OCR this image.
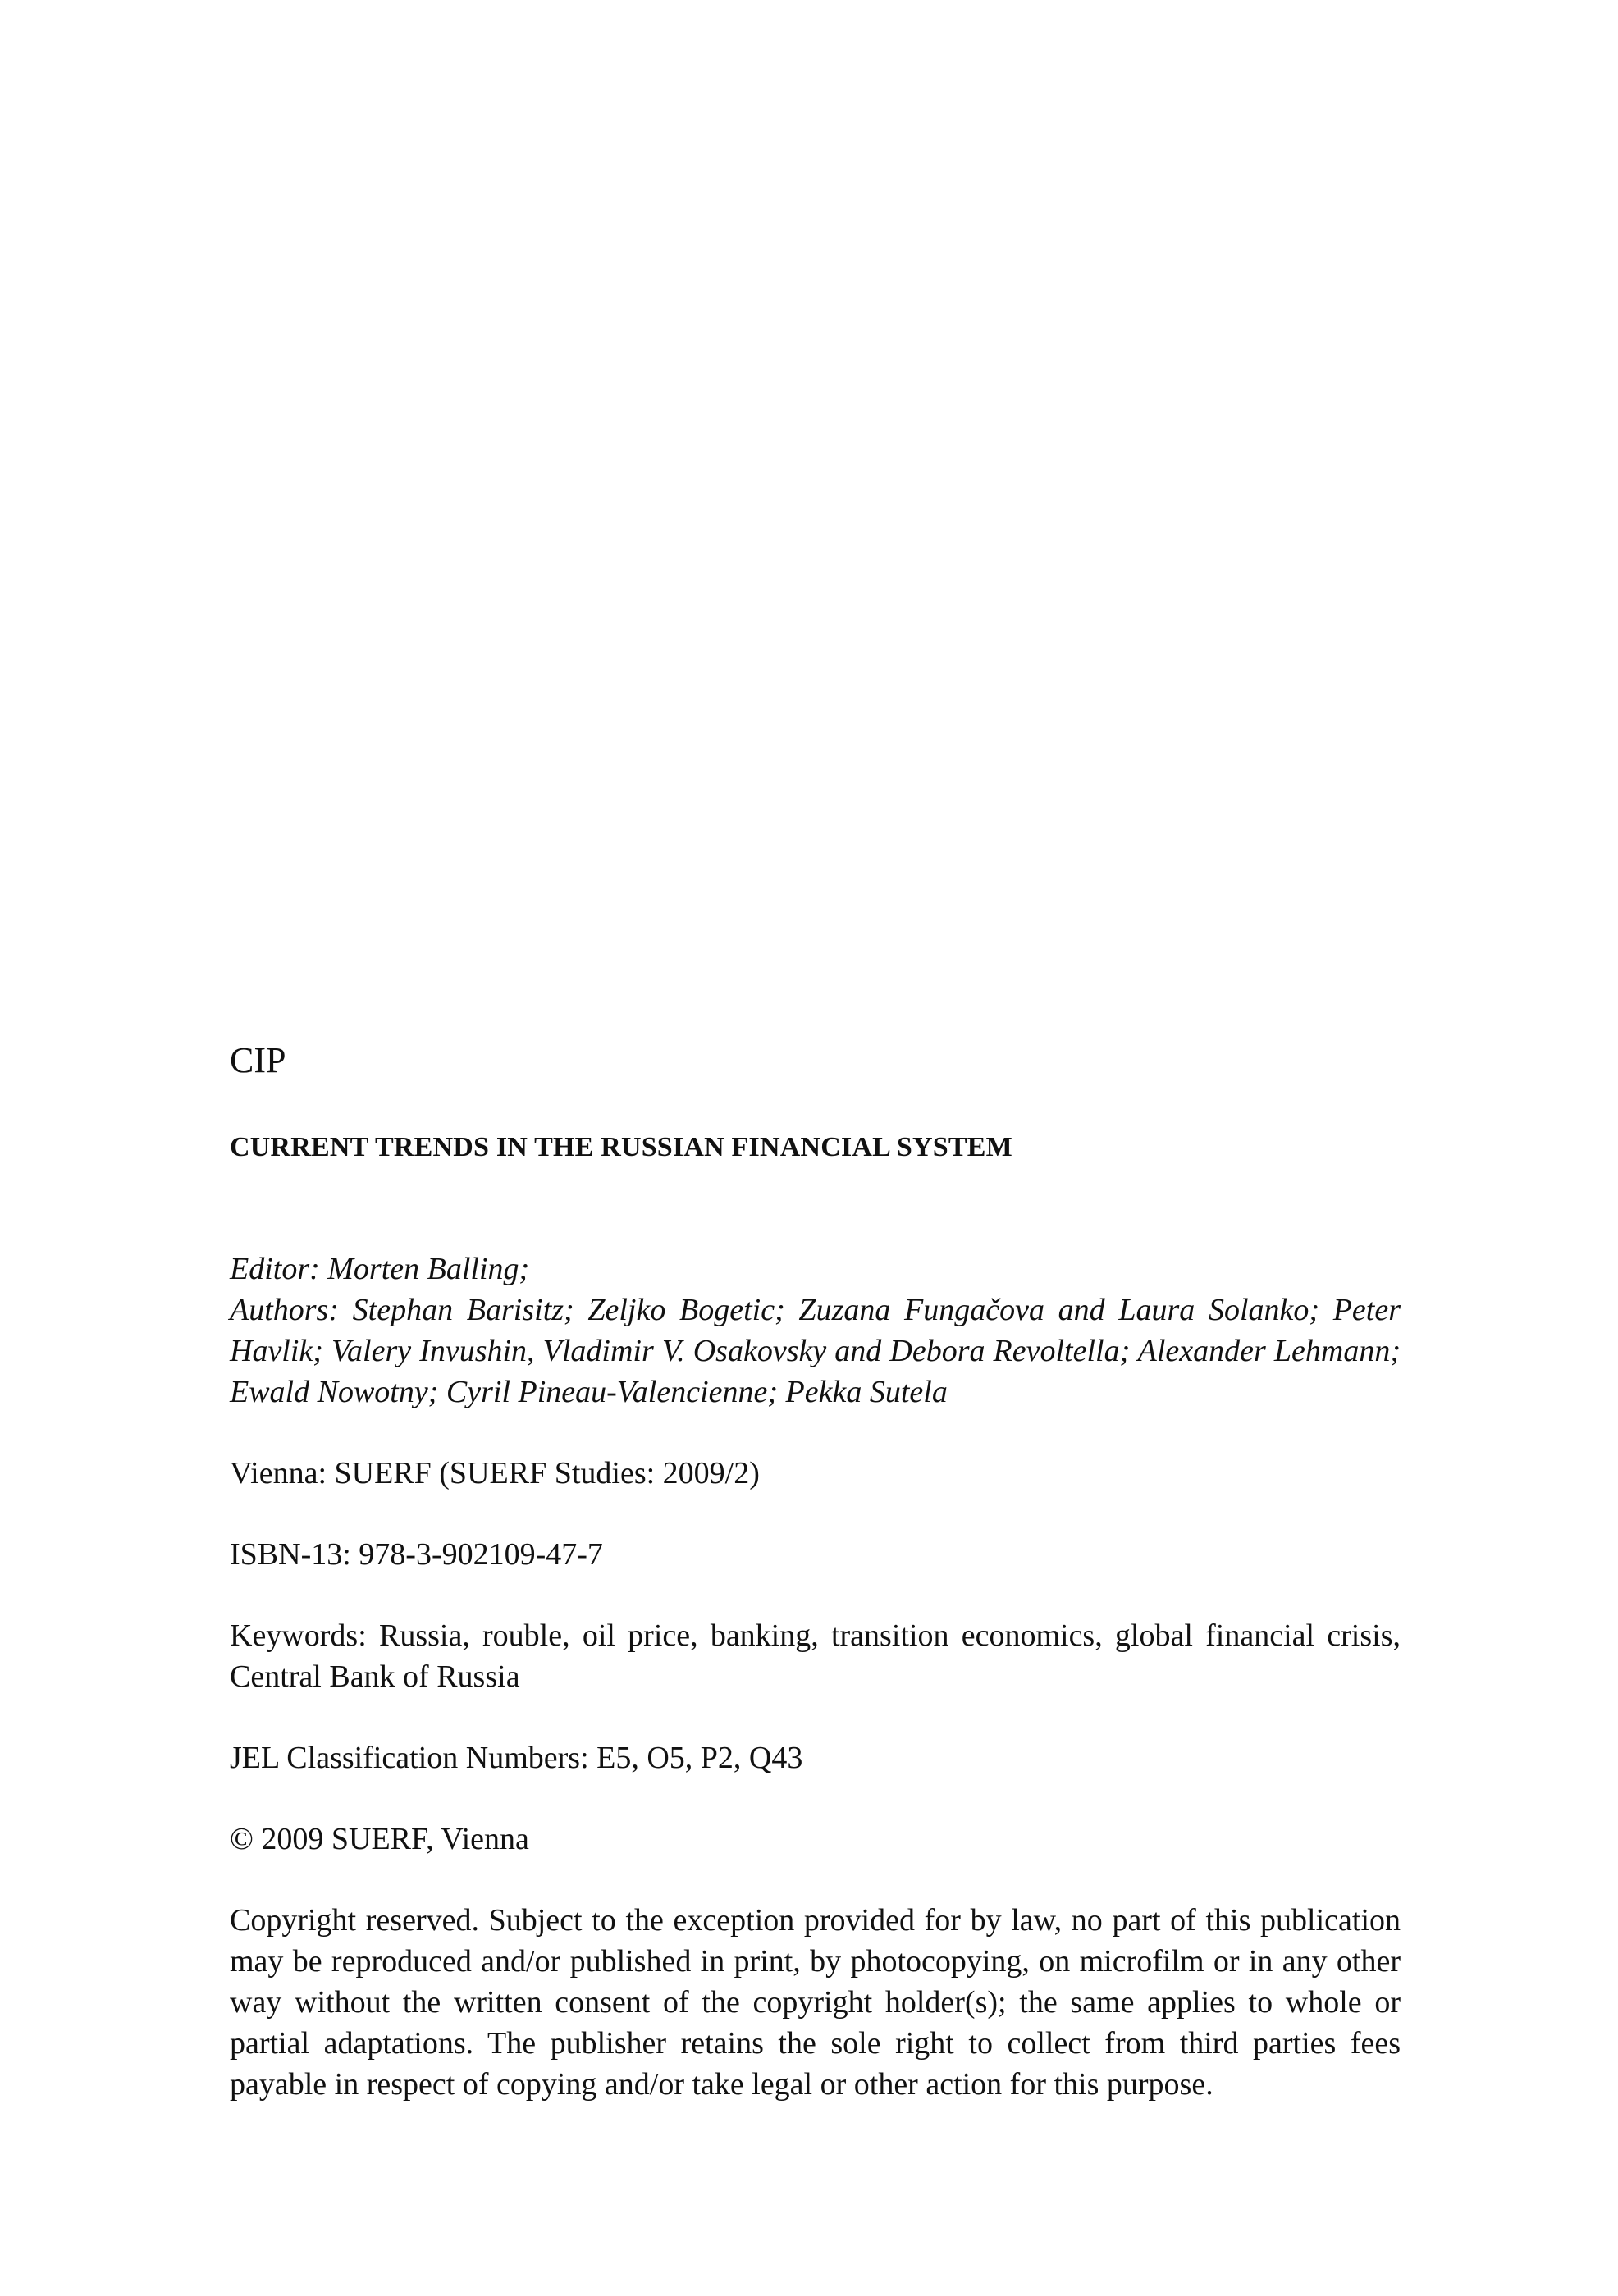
CIP

CURRENT TRENDS IN THE RUSSIAN FINANCIAL SYSTEM

Editor: Morten Balling;

Authors: Stephan Barisitz; Zeljko Bogetic; Zuzana Fungačova and Laura Solanko; Peter Havlik; Valery Invushin, Vladimir V. Osakovsky and Debora Revoltella; Alexander Lehmann; Ewald Nowotny; Cyril Pineau-Valencienne; Pekka Sutela

Vienna: SUERF (SUERF Studies: 2009/2)

ISBN-13: 978-3-902109-47-7

Keywords: Russia, rouble, oil price, banking, transition economics, global financial crisis, Central Bank of Russia

JEL Classification Numbers: E5, O5, P2, Q43

© 2009 SUERF, Vienna

Copyright reserved. Subject to the exception provided for by law, no part of this publication may be reproduced and/or published in print, by photocopying, on microfilm or in any other way without the written consent of the copyright holder(s); the same applies to whole or partial adaptations. The publisher retains the sole right to collect from third parties fees payable in respect of copying and/or take legal or other action for this purpose.
